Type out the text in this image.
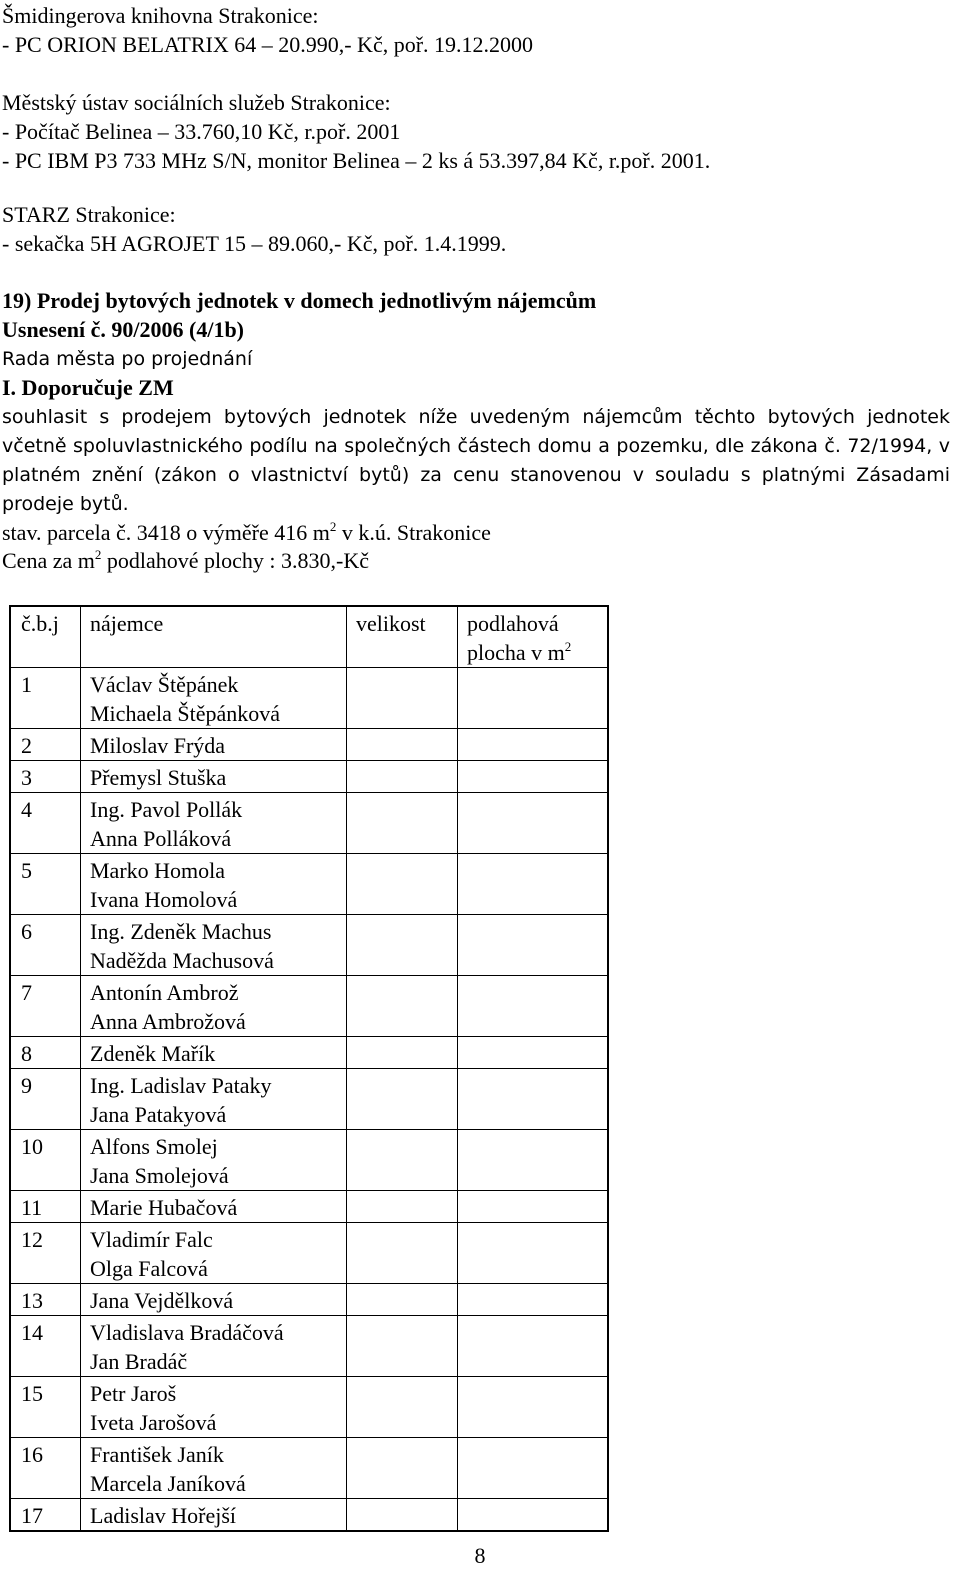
Šmidingerova knihovna Strakonice:
- PC ORION BELATRIX 64 – 20.990,- Kč, poř. 19.12.2000
Městský ústav sociálních služeb Strakonice:
- Počítač Belinea – 33.760,10 Kč, r.poř. 2001
- PC IBM P3 733 MHz S/N, monitor Belinea – 2 ks á 53.397,84 Kč, r.poř. 2001.
STARZ Strakonice:
- sekačka 5H AGROJET 15 – 89.060,- Kč, poř. 1.4.1999.
19) Prodej bytových jednotek v domech jednotlivým nájemcům
Usnesení č. 90/2006 (4/1b)
Rada města po projednání
I. Doporučuje ZM
souhlasit s prodejem bytových jednotek níže uvedeným nájemcům těchto bytových jednotek včetně spoluvlastnického podílu na společných částech domu a pozemku, dle zákona č. 72/1994, v platném znění (zákon o vlastnictví bytů) za cenu stanovenou v souladu s platnými Zásadami prodeje bytů.
stav. parcela č. 3418 o výměře 416 $m^2$ v k.ú. Strakonice
Cena za $m^2$ podlahové plochy : 3.830,-Kč
č.b.j	nájemce	velikost	podlahová
plocha v $m^2$
1	Václav Štěpánek
Michaela Štěpánková		

2	Miloslav Frýda		

3	Přemysl Stuška		

4	Ing. Pavol Pollák
Anna Polláková		

5	Marko Homola
Ivana Homolová		

6	Ing. Zdeněk Machus
Naděžda Machusová		

7	Antonín Ambrož
Anna Ambrožová		

8	Zdeněk Mařík		

9	Ing. Ladislav Pataky
Jana Patakyová		

10	Alfons Smolej
Jana Smolejová		

11	Marie Hubačová		

12	Vladimír Falc
Olga Falcová		

13	Jana Vejdělková		

14	Vladislava Bradáčová
Jan Bradáč		

15	Petr Jaroš
Iveta Jarošová		

16	František Janík
Marcela Janíková		

17	Ladislav Hořejší		

8
